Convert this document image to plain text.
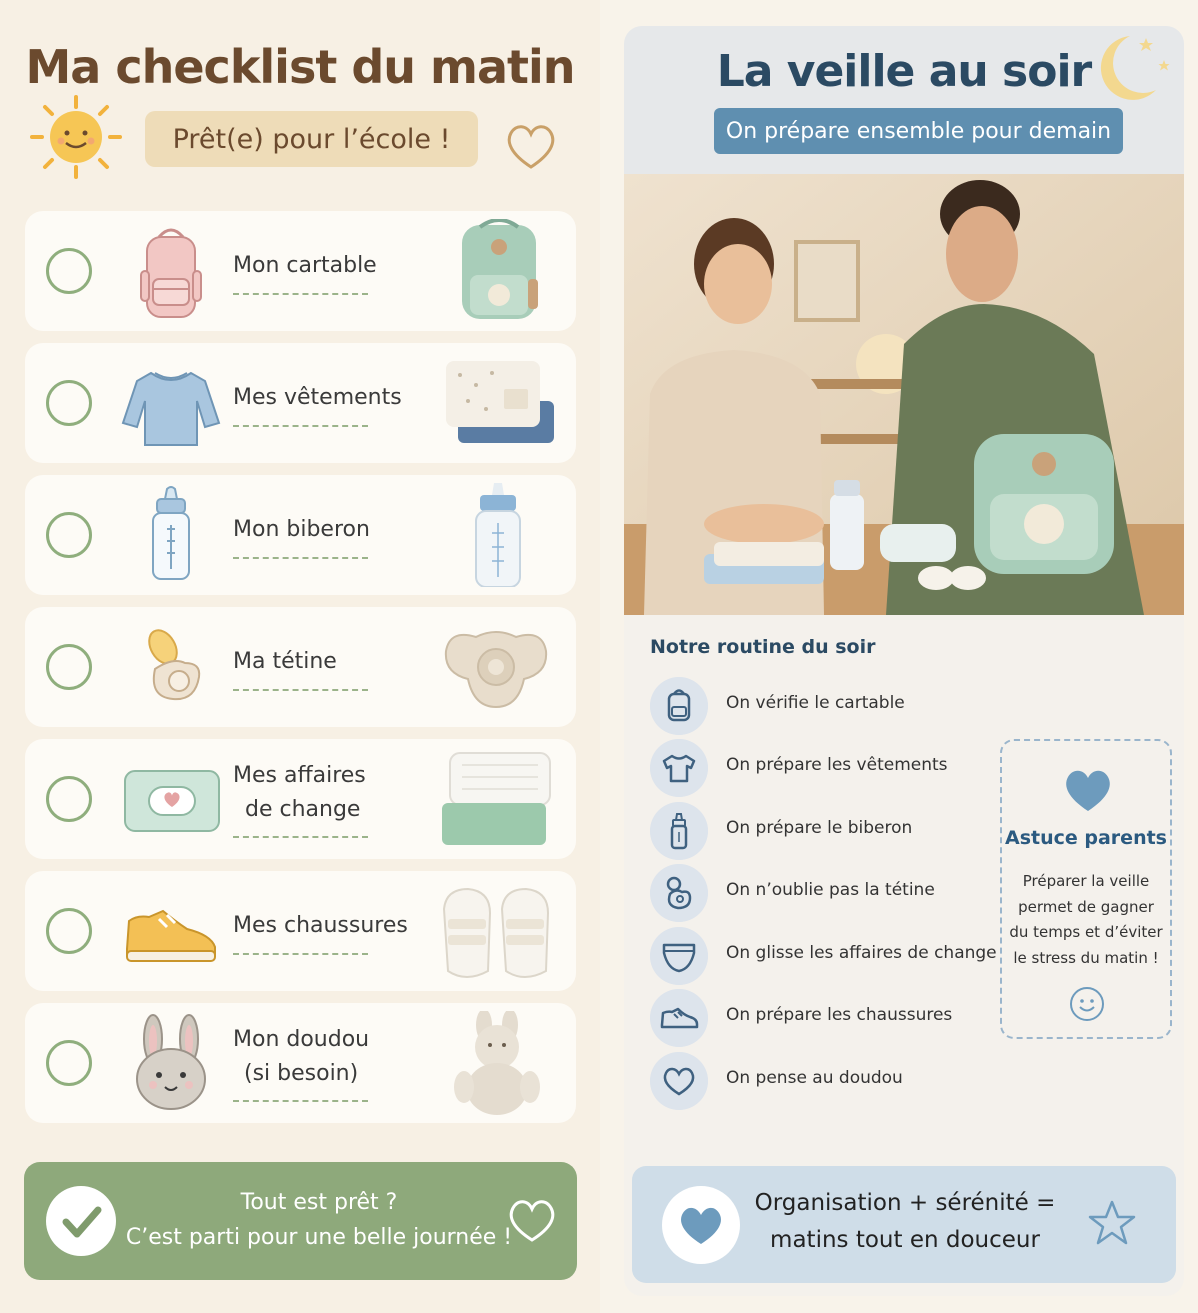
Ma checklist du matin
Prêt(e) pour l’école !
Mon cartable
Mes vêtements
Mon biberon
Ma tétine
Mes affaires
de change
Mes chaussures
Mon doudou
(si besoin)
Tout est prêt ?
C’est parti pour une belle journée !
La veille au soir
On prépare ensemble pour demain
Notre routine du soir
On vérifie le cartable
On prépare les vêtements
On prépare le biberon
On n’oublie pas la tétine
On glisse les affaires de change
On prépare les chaussures
On pense au doudou
Astuce parents
Préparer la veille
permet de gagner
du temps et d’éviter
le stress du matin !
Organisation + sérénité =
matins tout en douceur
